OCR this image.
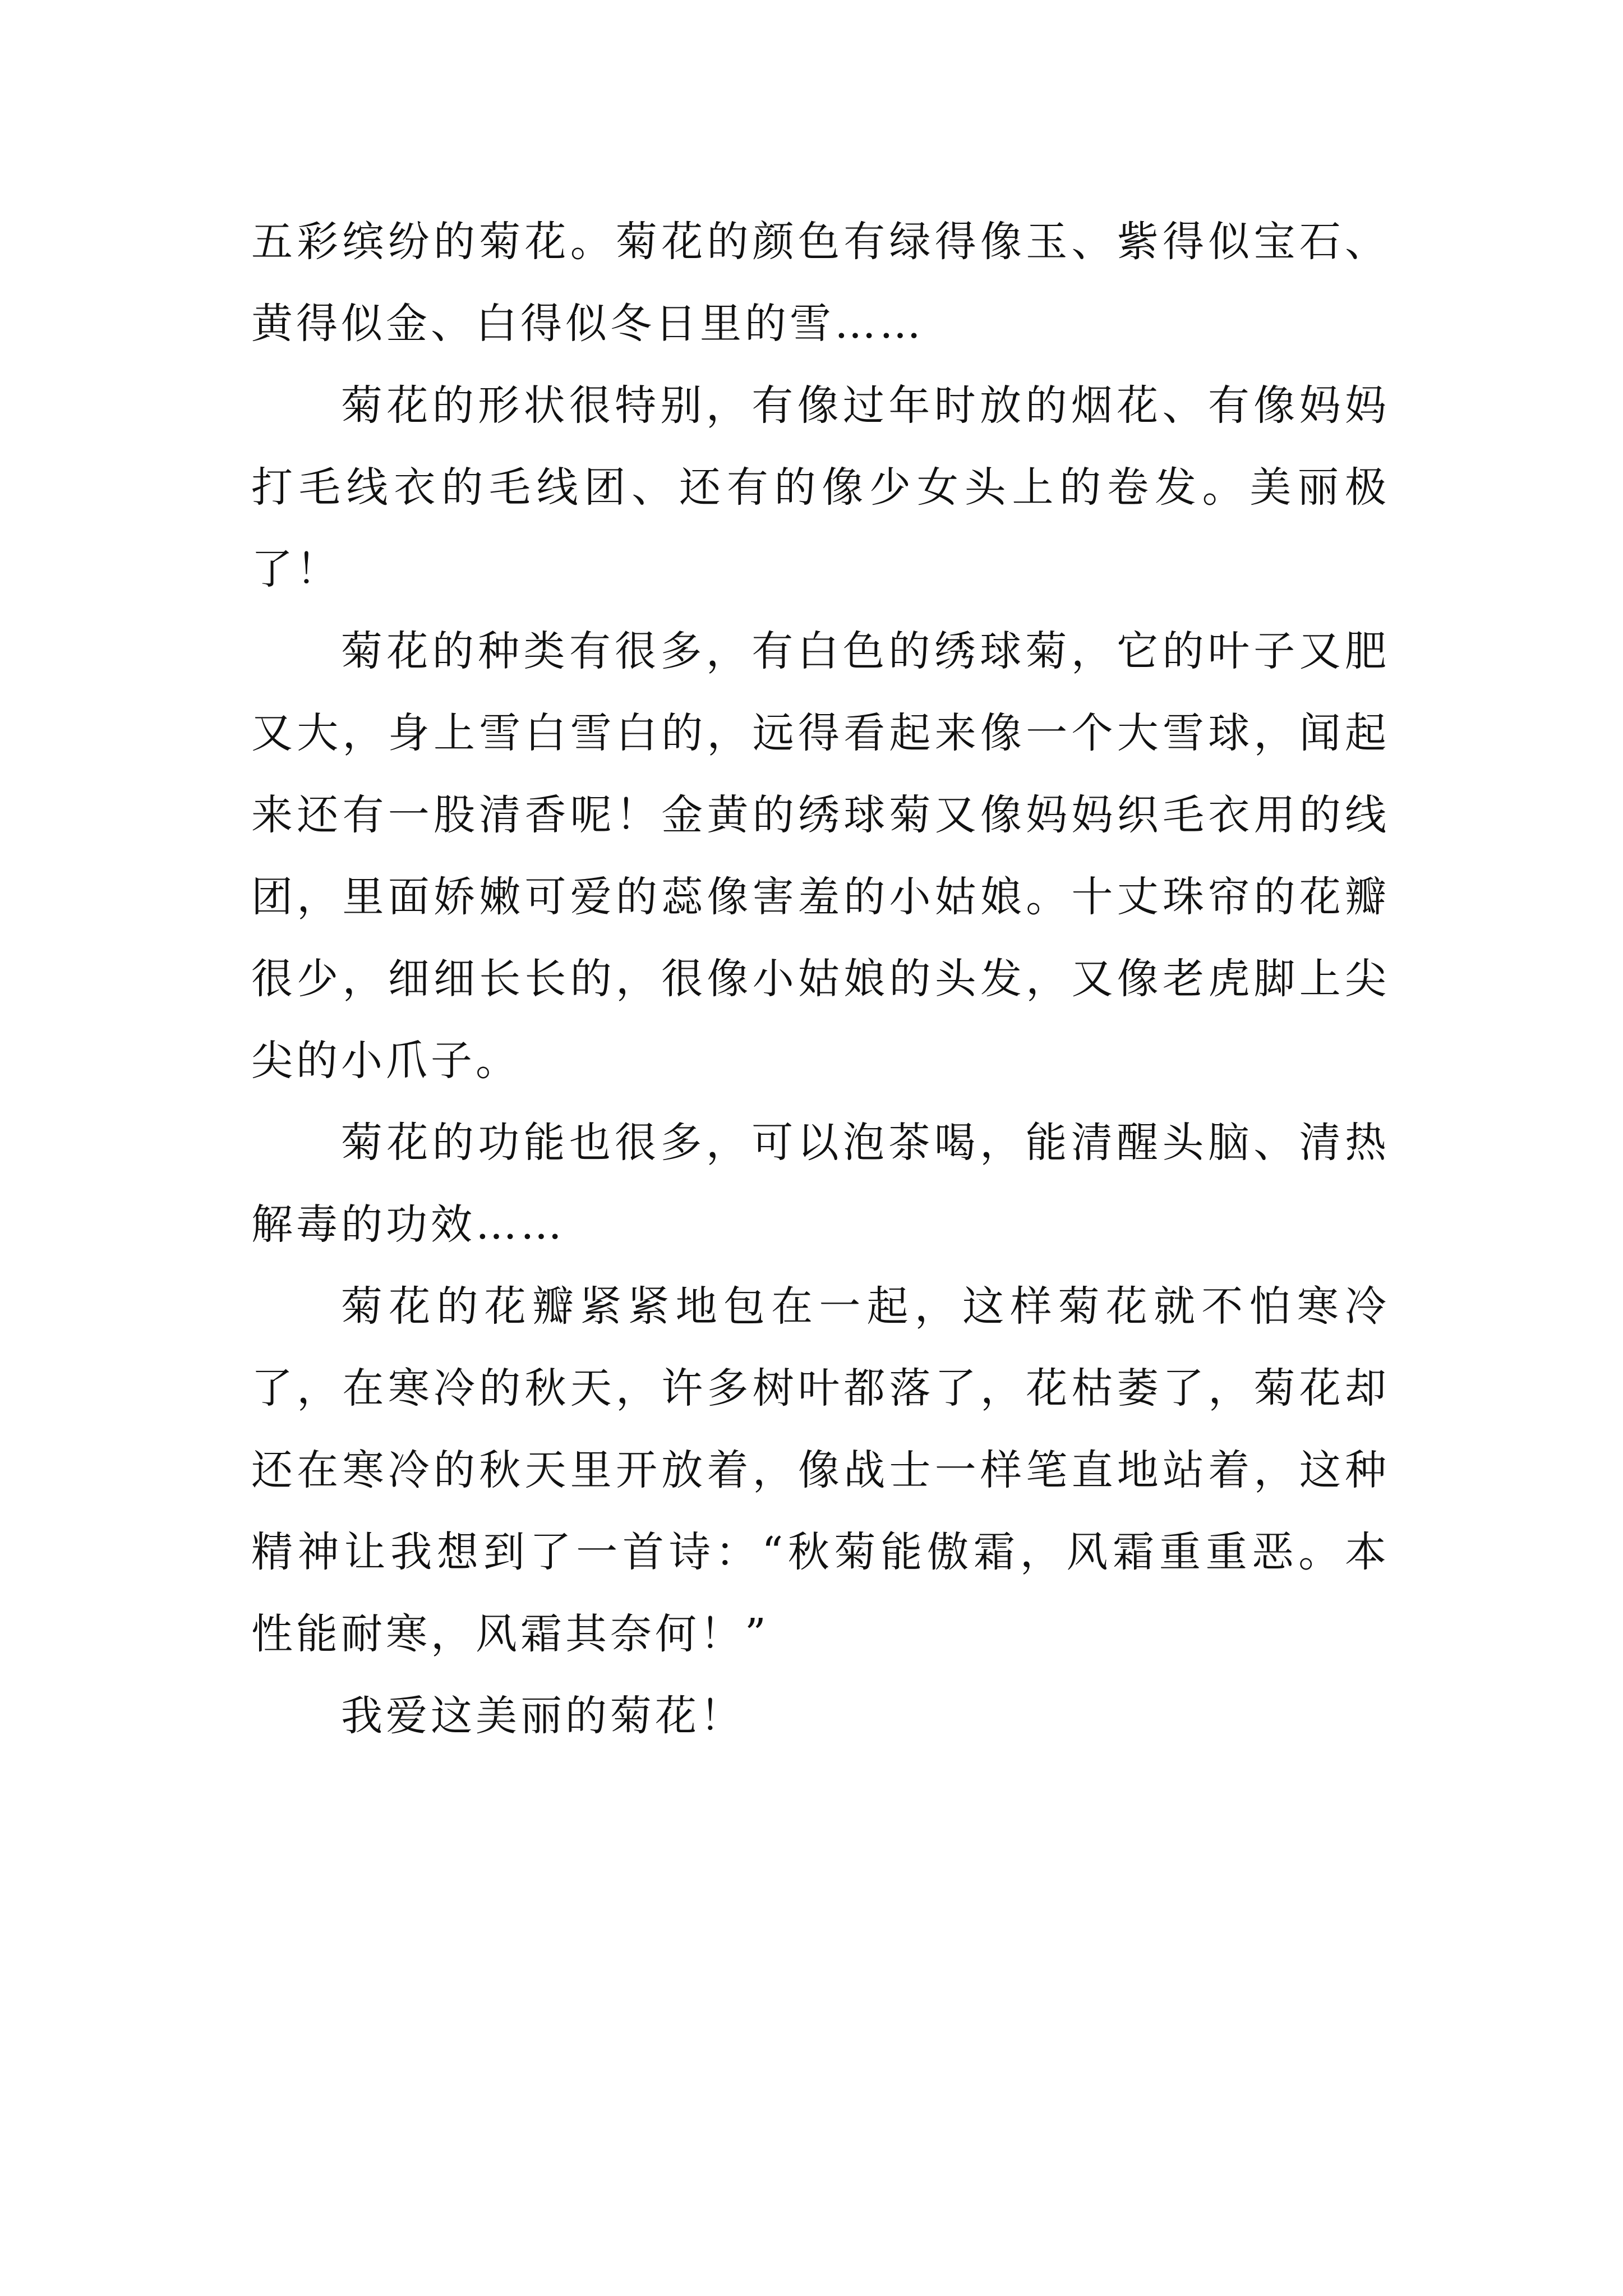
五彩缤纷的菊花。菊花的颜色有绿得像玉、紫得似宝石、黄得似金、白得似冬日里的雪……

菊花的形状很特别，有像过年时放的烟花、有像妈妈打毛线衣的毛线团、还有的像少女头上的卷发。美丽极了！

菊花的种类有很多，有白色的绣球菊，它的叶子又肥又大，身上雪白雪白的，远得看起来像一个大雪球，闻起来还有一股清香呢！金黄的绣球菊又像妈妈织毛衣用的线团，里面娇嫩可爱的蕊像害羞的小姑娘。十丈珠帘的花瓣很少，细细长长的，很像小姑娘的头发，又像老虎脚上尖尖的小爪子。

菊花的功能也很多，可以泡茶喝，能清醒头脑、清热解毒的功效……

菊花的花瓣紧紧地包在一起，这样菊花就不怕寒冷了，在寒冷的秋天，许多树叶都落了，花枯萎了，菊花却还在寒冷的秋天里开放着，像战士一样笔直地站着，这种精神让我想到了一首诗：“秋菊能傲霜，风霜重重恶。本性能耐寒，风霜其奈何！”

我爱这美丽的菊花！
